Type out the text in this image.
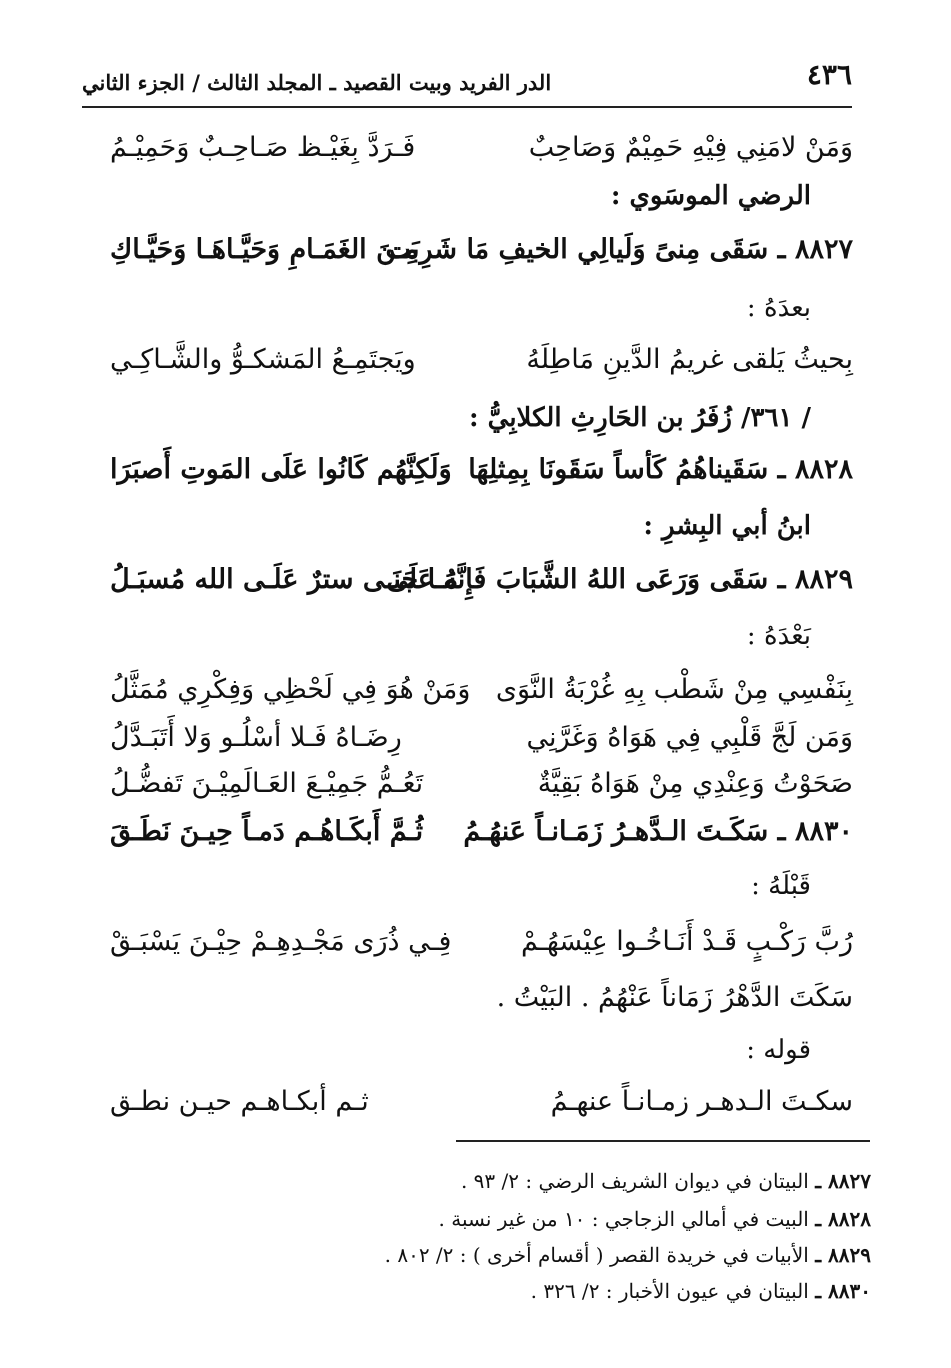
٤٣٦
الدر الفريد وبيت القصيد ـ المجلد الثالث / الجزء الثاني
وَمَنْ لامَنِي فِيْهِ حَمِيْمٌ وَصَاحِبٌ
فَـرَدَّ بِغَيْـظ صَـاحِـبٌ وَحَمِيْـمُ
الرضي الموسَوي :
٨٨٢٧ ـ سَقَى مِنىً وَلَيالِي الخيفِ مَا شَرِبَت
مِـنَ الغَمَـامِ وَحَيَّـاهَـا وَحَيَّـاكِ
بعدَهُ :
بِحيثُ يَلقى غريمُ الدَّينِ مَاطِلَهُ
ويَجتَمِـعُ المَشكـوُّ والشَّـاكِـي
/ ٣٦١/ زُفَرُ بن الحَارِثِ الكلابِيُّ :
٨٨٢٨ ـ سَقَيناهُمُ كَأساً سَقَونَا بِمِثلِهَا
وَلَكِنَّهُم كَانُوا عَلَى المَوتِ أَصبَرَا
ابنُ أبي البِشرِ :
٨٨٢٩ ـ سَقَى وَرَعَى اللهُ الشَّبَابَ فَإِنَّهُ عَلَى
مَـا جَنَـى سترٌ عَلَـى الله مُسبَـلُ
بَعْدَهُ :
بِنَفْسِي مِنْ شَطْب بِهِ غُرْبَةُ النَّوَى
وَمَنْ هُوَ فِي لَحْظِي وَفِكْرِي مُمَثَّلُ
وَمَن لَجَّ قَلْبِي فِي هَوَاهُ وَغَرَّنِي
رِضَـاهُ فَـلا أسْلُـو وَلا أَتَبَـدَّلُ
صَحَوْتُ وَعِنْدِي مِنْ هَوَاهُ بَقِيَّةٌ
تَعُـمُّ جَمِيْـعَ العَـالَمِيْـنَ تَفضُّـلُ
٨٨٣٠ ـ سَكَـتَ الـدَّهـرُ زَمَـانـاً عَنهُـمُ
ثُـمَّ أَبكَـاهُـم دَمـاً حِيـنَ نَطَـقَ
قَبْلَهُ :
رُبَّ رَكْـبٍ قَـدْ أَنَـاخُـوا عِيْسَهُـمْ
فِـي ذُرَى مَجْـدِهِـمْ حِيْـنَ يَسْبَـقْ
سَكَتَ الدَّهْرُ زَمَاناً عَنْهُمُ . البَيْتُ .
قوله :
سكـتَ الـدهـر زمـانـاً عنهـمُ
ثـم أبكـاهـم حيـن نطـق
٨٨٢٧ ـ البيتان في ديوان الشريف الرضي : ٢/ ٩٣ .
٨٨٢٨ ـ البيت في أمالي الزجاجي : ١٠ من غير نسبة .
٨٨٢٩ ـ الأبيات في خريدة القصر ( أقسام أخرى ) : ٢/ ٨٠٢ .
٨٨٣٠ ـ البيتان في عيون الأخبار : ٢/ ٣٢٦ .
